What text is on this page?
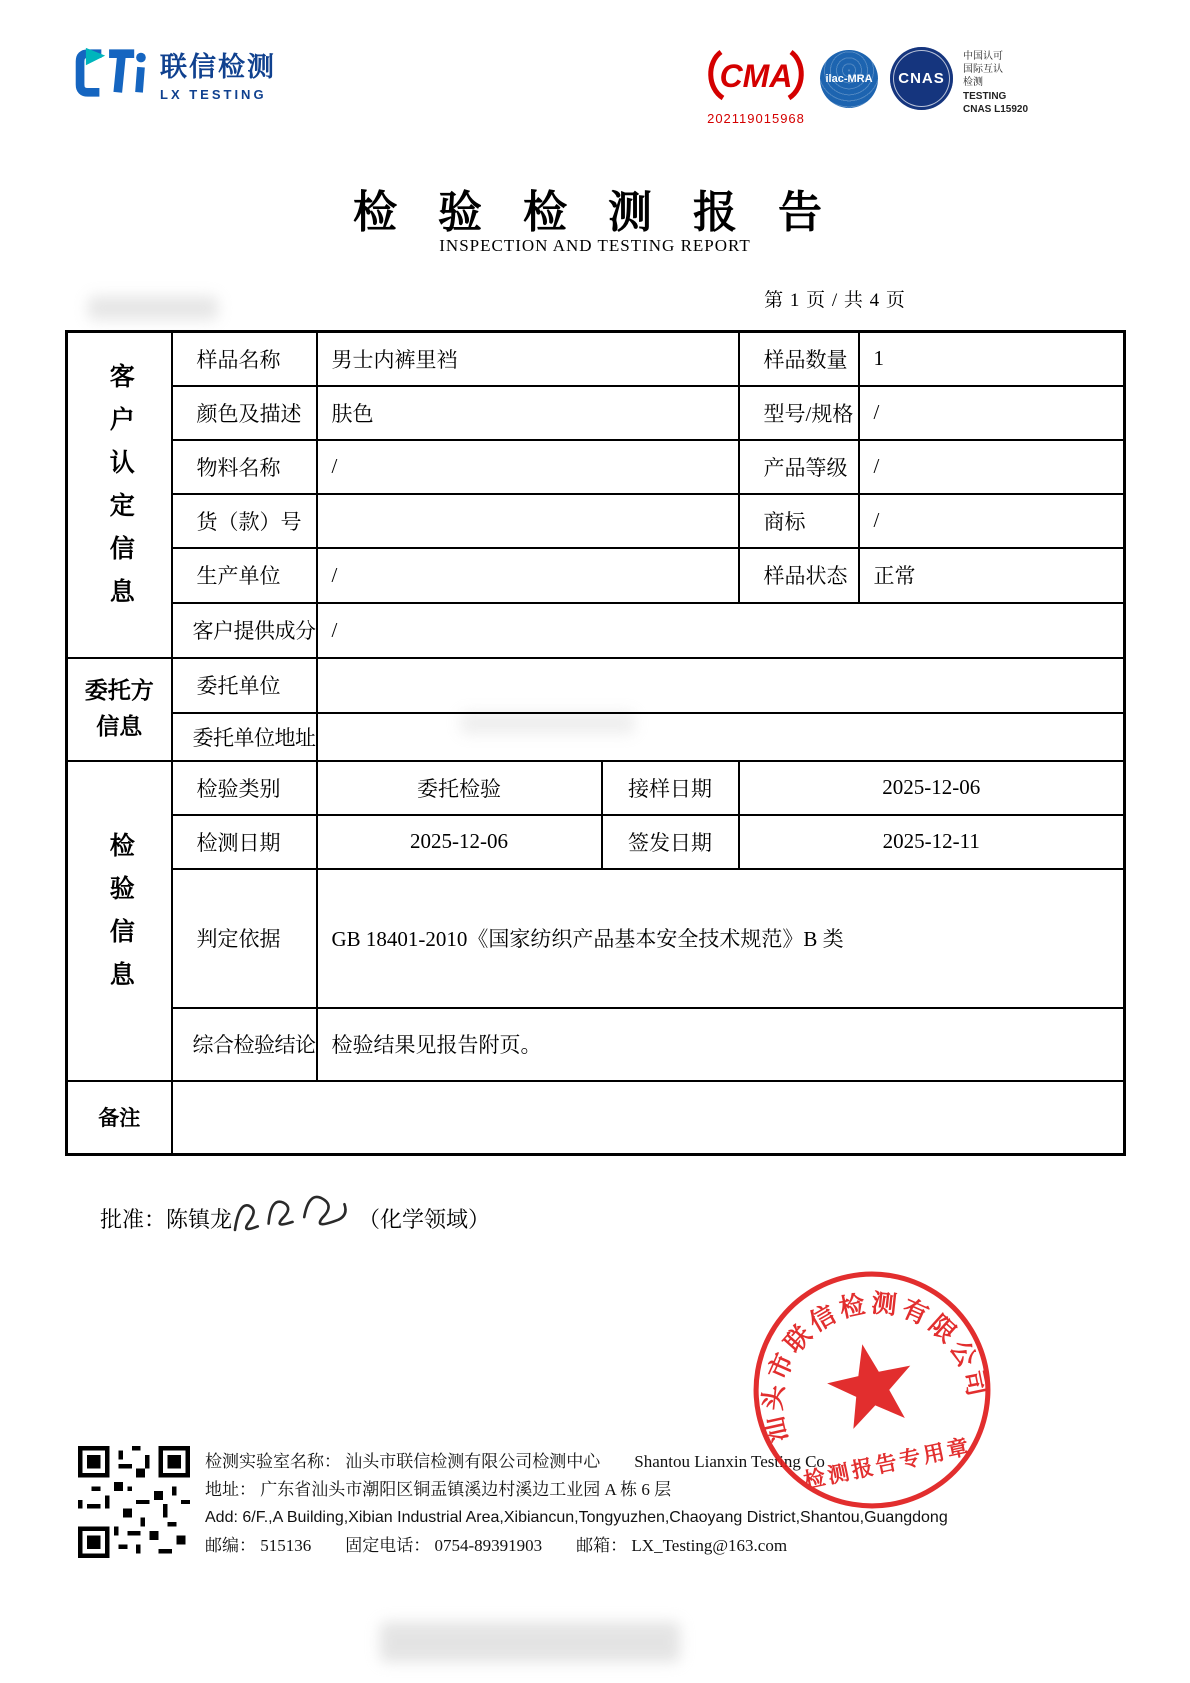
联信检测
LX TESTING	CMA
202119015968
ilac-MRA CNAS
中国认可
国际互认
检测
TESTING
CNAS L15920
检 验 检 测 报 告
INSPECTION AND TESTING REPORT
第 1 页 / 共 4 页
客户认定信息	样品名称	男士内裤里裆		样品数量	1
	颜色及描述	肤色		型号/规格	/
	物料名称	/		产品等级	/
	货（款）号			商标	/
	生产单位	/		样品状态	正常
	客户提供成分	/			

委托方信息	委托单位				
	委托单位地址				
检验信息	检验类别	委托检验	接样日期	2025-12-06	
	检测日期	2025-12-06	签发日期	2025-12-11	
	判定依据	GB 18401-2010《国家纺织产品基本安全技术规范》B 类			
	综合检验结论	检验结果见报告附页。			
备注					
批准： 陈镇龙	（化学领域）
汕头市联信检测有限公司
检测报告专用章
检测实验室名称： 汕头市联信检测有限公司检测中心　　Shantou Lianxin Testing Co
地址： 广东省汕头市潮阳区铜盂镇溪边村溪边工业园 A 栋 6 层
Add: 6/F.,A Building,Xibian Industrial Area,Xibiancun,Tongyuzhen,Chaoyang District,Shantou,Guangdong
邮编： 515136　　固定电话： 0754-89391903　　邮箱： LX_Testing@163.com
